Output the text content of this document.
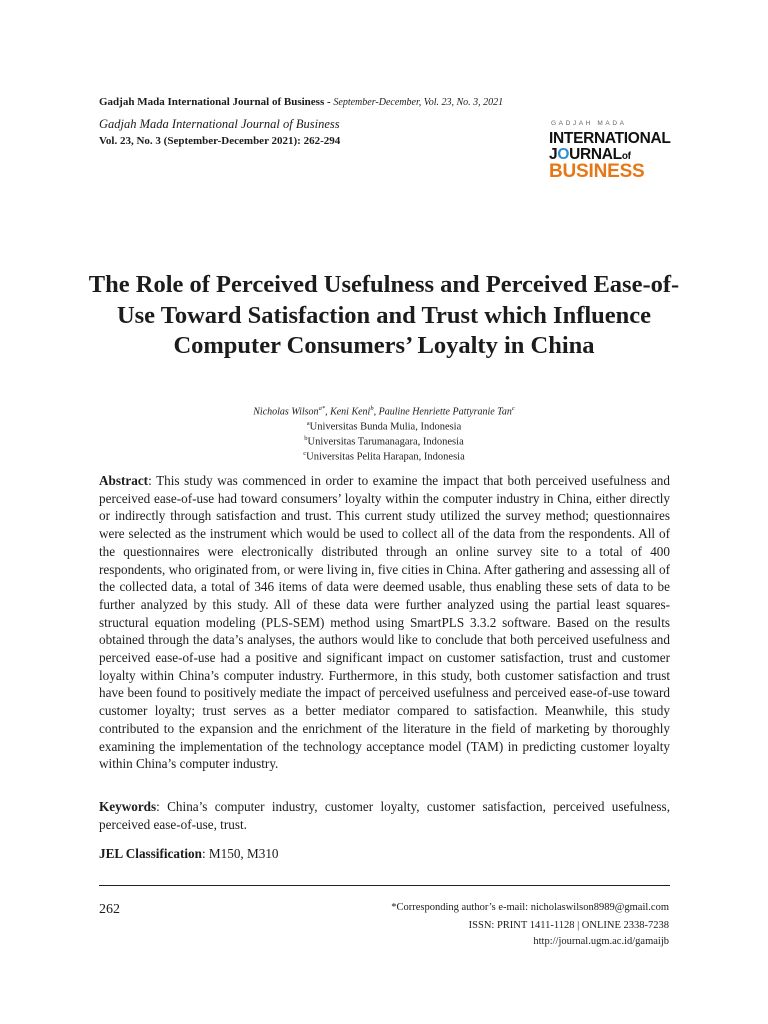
Gadjah Mada International Journal of Business - September-December, Vol. 23, No. 3, 2021
Gadjah Mada International Journal of Business
Vol. 23, No. 3 (September-December 2021): 262-294
GADJAH MADA
INTERNATIONAL
JOURNALof
BUSINESS
The Role of Perceived Usefulness and Perceived Ease-of-Use Toward Satisfaction and Trust which Influence Computer Consumers’ Loyalty in China
Nicholas Wilson$^{a*}$, Keni Keni$^b$, Pauline Henriette Pattyranie Tan$^c$
$^a$Universitas Bunda Mulia, Indonesia
$^b$Universitas Tarumanagara, Indonesia
$^c$Universitas Pelita Harapan, Indonesia
Abstract: This study was commenced in order to examine the impact that both perceived usefulness and perceived ease-of-use had toward consumers’ loyalty within the computer industry in China, either directly or indirectly through satisfaction and trust. This current study utilized the survey method; questionnaires were selected as the instrument which would be used to collect all of the data from the respondents. All of the questionnaires were electronically distributed through an online survey site to a total of 400 respondents, who originated from, or were living in, five cities in China. After gathering and assessing all of the collected data, a total of 346 items of data were deemed usable, thus enabling these sets of data to be further analyzed by this study. All of these data were further analyzed using the partial least squares-structural equation modeling (PLS-SEM) method using SmartPLS 3.3.2 software. Based on the results obtained through the data’s analyses, the authors would like to conclude that both perceived usefulness and perceived ease-of-use had a positive and significant impact on customer satisfaction, trust and customer loyalty within China’s computer industry. Furthermore, in this study, both customer satisfaction and trust have been found to positively mediate the impact of perceived usefulness and perceived ease-of-use toward customer loyalty; trust serves as a better mediator compared to satisfaction. Meanwhile, this study contributed to the expansion and the enrichment of the literature in the field of marketing by thoroughly examining the implementation of the technology acceptance model (TAM) in predicting customer loyalty within China’s computer industry.
Keywords: China’s computer industry, customer loyalty, customer satisfaction, perceived usefulness, perceived ease-of-use, trust.
JEL Classification: M150, M310
262	*Corresponding author’s e-mail: nicholaswilson8989@gmail.com
ISSN: PRINT 1411-1128 | ONLINE 2338-7238
http://journal.ugm.ac.id/gamaijb
